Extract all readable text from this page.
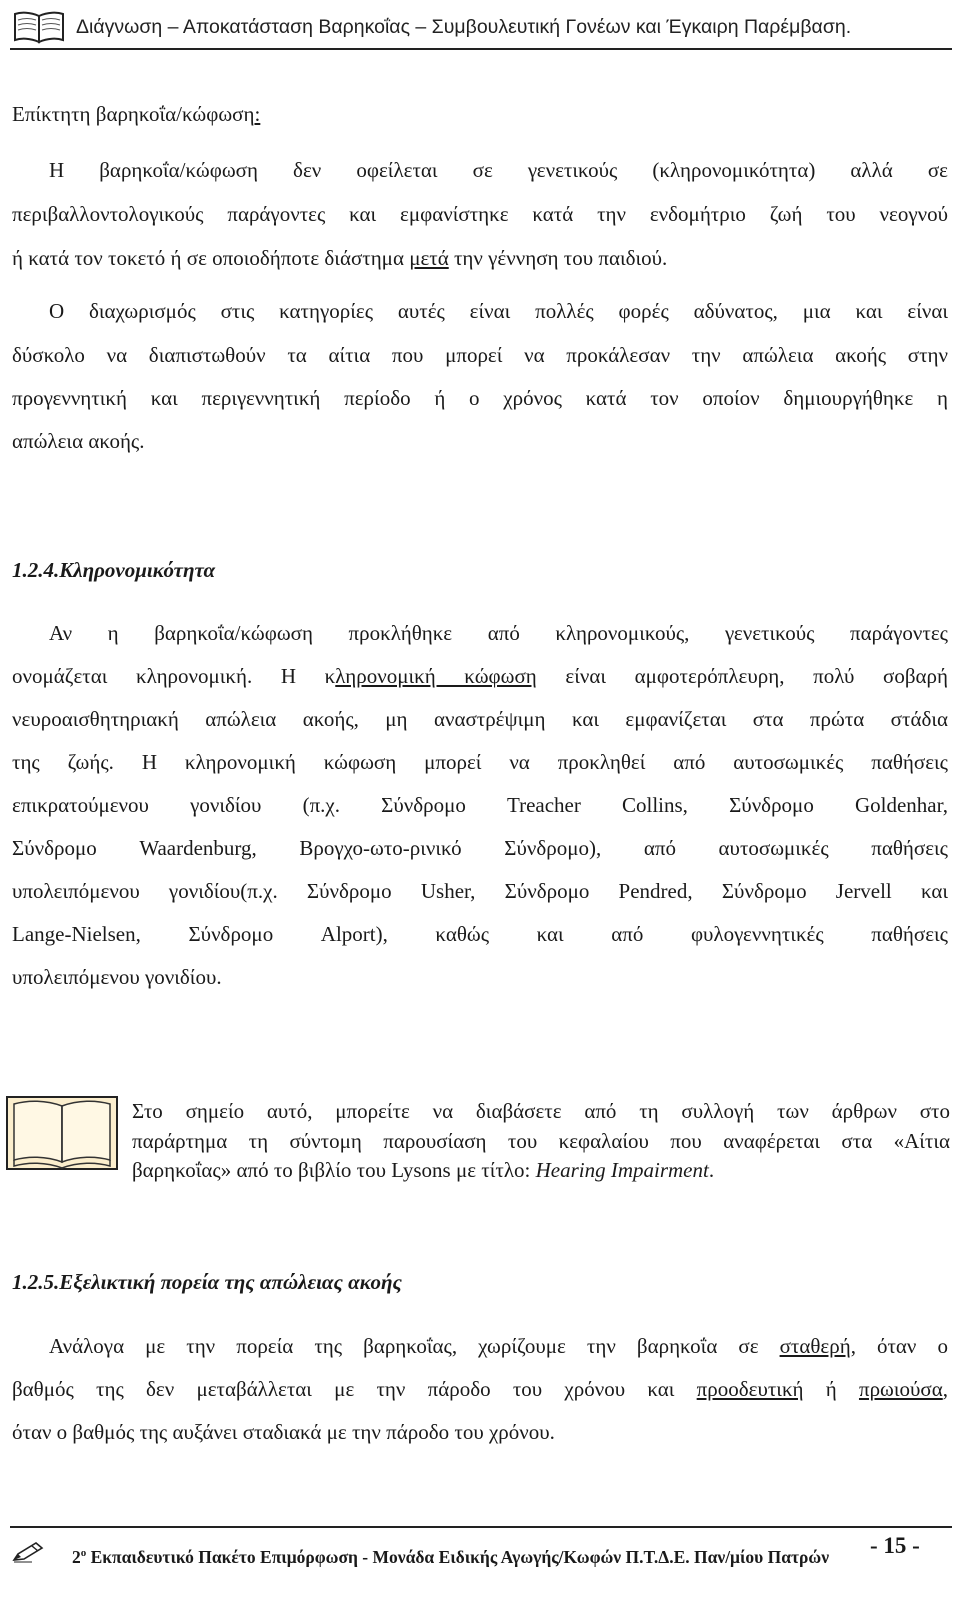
Διάγνωση – Αποκατάσταση Βαρηκοΐας – Συμβουλευτική Γονέων και Έγκαιρη Παρέμβαση.
Επίκτητη βαρηκοΐα/κώφωση:
Η βαρηκοΐα/κώφωση δεν οφείλεται σε γενετικούς (κληρονομικότητα) αλλά σε
περιβαλλοντολογικούς παράγοντες και εμφανίστηκε κατά την ενδομήτριο ζωή του νεογνού
ή κατά τον τοκετό ή σε οποιοδήποτε διάστημα μετά την γέννηση του παιδιού.
Ο διαχωρισμός στις κατηγορίες αυτές είναι πολλές φορές αδύνατος, μια και είναι
δύσκολο να διαπιστωθούν τα αίτια που μπορεί να προκάλεσαν την απώλεια ακοής στην
προγεννητική και περιγεννητική περίοδο ή ο χρόνος κατά τον οποίον δημιουργήθηκε η
απώλεια ακοής.
1.2.4.Κληρονομικότητα
Αν η βαρηκοΐα/κώφωση προκλήθηκε από κληρονομικούς, γενετικούς παράγοντες
ονομάζεται κληρονομική. Η κληρονομική κώφωση είναι αμφοτερόπλευρη, πολύ σοβαρή
νευροαισθητηριακή απώλεια ακοής, μη αναστρέψιμη και εμφανίζεται στα πρώτα στάδια
της ζωής. Η κληρονομική κώφωση μπορεί να προκληθεί από αυτοσωμικές παθήσεις
επικρατούμενου γονιδίου (π.χ. Σύνδρομο Treacher Collins, Σύνδρομο Goldenhar,
Σύνδρομο Waardenburg, Βρογχο-ωτο-ρινικό Σύνδρομο), από αυτοσωμικές παθήσεις
υπολειπόμενου γονιδίου(π.χ. Σύνδρομο Usher, Σύνδρομο Pendred, Σύνδρομο Jervell και
Lange-Nielsen, Σύνδρομο Alport), καθώς και από φυλογεννητικές παθήσεις
υπολειπόμενου γονιδίου.
Στο σημείο αυτό, μπορείτε να διαβάσετε από τη συλλογή των άρθρων στο
παράρτημα τη σύντομη παρουσίαση του κεφαλαίου που αναφέρεται στα «Αίτια
βαρηκοΐας» από το βιβλίο του Lysons με τίτλο: Hearing Impairment.
1.2.5.Εξελικτική πορεία της απώλειας ακοής
Ανάλογα με την πορεία της βαρηκοΐας, χωρίζουμε την βαρηκοΐα σε σταθερή, όταν ο
βαθμός της δεν μεταβάλλεται με την πάροδο του χρόνου και προοδευτική ή πρωιούσα,
όταν ο βαθμός της αυξάνει σταδιακά με την πάροδο του χρόνου.
$2^o$ Εκπαιδευτικό Πακέτο Επιμόρφωση - Μονάδα Ειδικής Αγωγής/Κωφών Π.Τ.Δ.Ε. Παν/μίου Πατρών - 15 -
